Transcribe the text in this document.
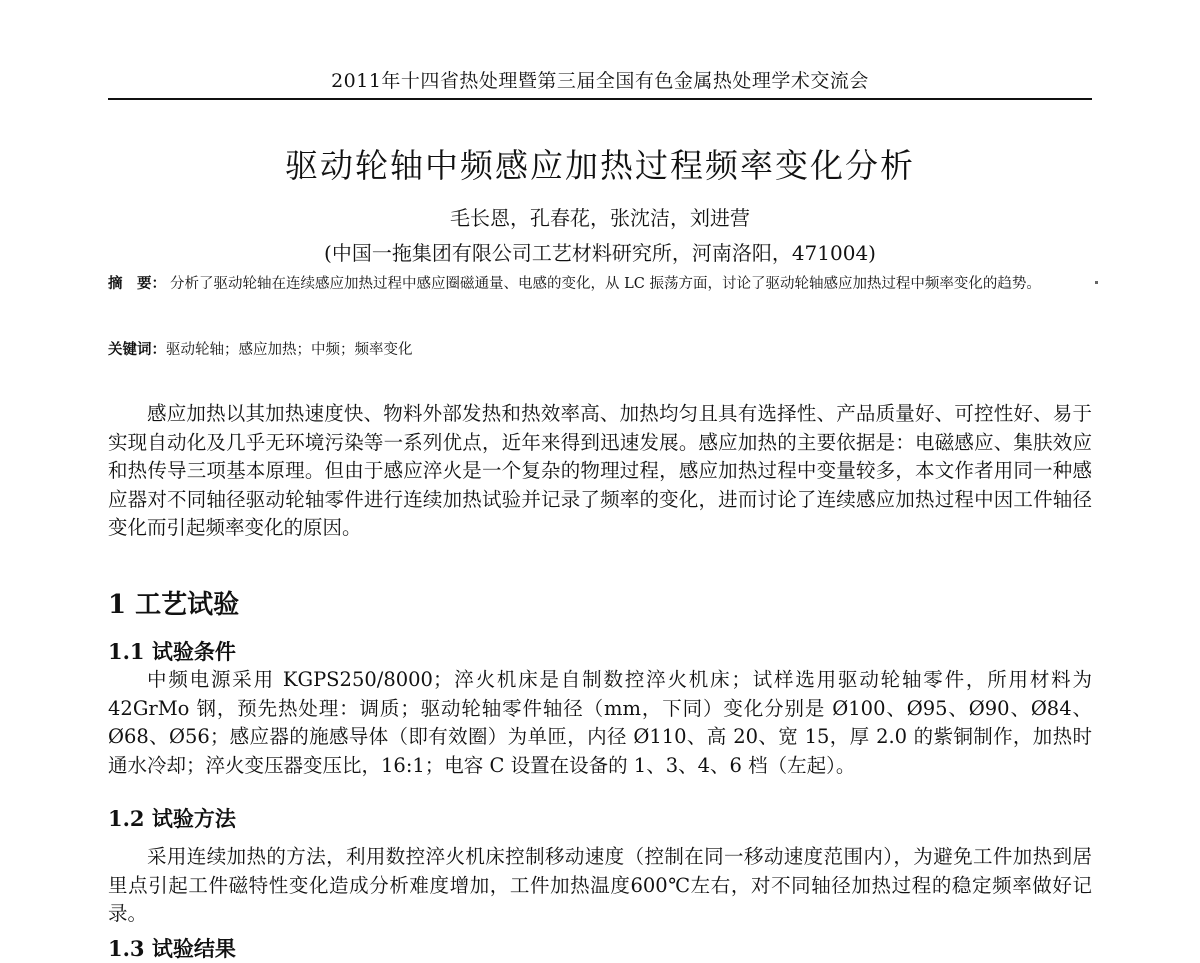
2011年十四省热处理暨第三届全国有色金属热处理学术交流会
驱动轮轴中频感应加热过程频率变化分析
毛长恩，孔春花，张沈洁，刘进营
(中国一拖集团有限公司工艺材料研究所，河南洛阳，471004)
摘　要： 分析了驱动轮轴在连续感应加热过程中感应圈磁通量、电感的变化，从 LC 振荡方面，讨论了驱动轮轴感应加热过程中频率变化的趋势。
关键词：驱动轮轴；感应加热；中频；频率变化

感应加热以其加热速度快、物料外部发热和热效率高、加热均匀且具有选择性、产品质量好、可控性好、易于实现自动化及几乎无环境污染等一系列优点，近年来得到迅速发展。感应加热的主要依据是：电磁感应、集肤效应和热传导三项基本原理。但由于感应淬火是一个复杂的物理过程，感应加热过程中变量较多，本文作者用同一种感应器对不同轴径驱动轮轴零件进行连续加热试验并记录了频率的变化，进而讨论了连续感应加热过程中因工件轴径变化而引起频率变化的原因。

1 工艺试验
1.1 试验条件

中频电源采用 KGPS250/8000；淬火机床是自制数控淬火机床；试样选用驱动轮轴零件，所用材料为 42GrMo 钢，预先热处理：调质；驱动轮轴零件轴径（mm，下同）变化分别是 Ø100、Ø95、Ø90、Ø84、Ø68、Ø56；感应器的施感导体（即有效圈）为单匝，内径 Ø110、高 20、宽 15，厚 2.0 的紫铜制作，加热时通水冷却；淬火变压器变压比，16:1；电容 C 设置在设备的 1、3、4、6 档（左起）。

1.2 试验方法

采用连续加热的方法，利用数控淬火机床控制移动速度（控制在同一移动速度范围内），为避免工件加热到居里点引起工件磁特性变化造成分析难度增加，工件加热温度600℃左右，对不同轴径加热过程的稳定频率做好记录。

1.3 试验结果
